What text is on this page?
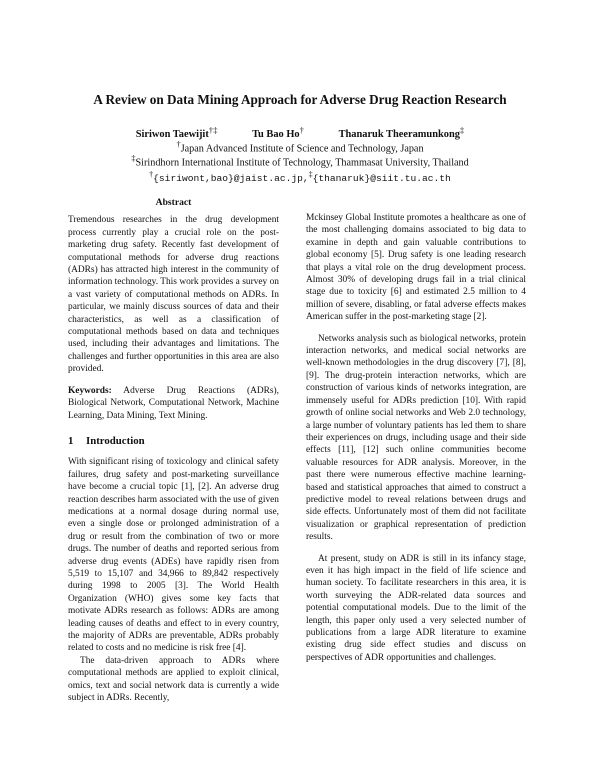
A Review on Data Mining Approach for Adverse Drug Reaction Research
Siriwon Taewijit†‡	Tu Bao Ho†	Thanaruk Theeramunkong‡
†Japan Advanced Institute of Science and Technology, Japan
‡Sirindhorn International Institute of Technology, Thammasat University, Thailand
†{siriwont,bao}@jaist.ac.jp,‡{thanaruk}@siit.tu.ac.th
Abstract

Tremendous researches in the drug development process currently play a crucial role on the post-marketing drug safety. Recently fast development of computational methods for adverse drug reactions (ADRs) has attracted high interest in the community of information technology. This work provides a survey on a vast variety of computational methods on ADRs. In particular, we mainly discuss sources of data and their characteristics, as well as a classification of computational methods based on data and techniques used, including their advantages and limitations. The challenges and further opportunities in this area are also provided.

Keywords: Adverse Drug Reactions (ADRs), Biological Network, Computational Network, Machine Learning, Data Mining, Text Mining.

1 Introduction

With significant rising of toxicology and clinical safety failures, drug safety and post-marketing surveillance have become a crucial topic [1], [2]. An adverse drug reaction describes harm associated with the use of given medications at a normal dosage during normal use, even a single dose or prolonged administration of a drug or result from the combination of two or more drugs. The number of deaths and reported serious from adverse drug events (ADEs) have rapidly risen from 5,519 to 15,107 and 34,966 to 89,842 respectively during 1998 to 2005 [3]. The World Health Organization (WHO) gives some key facts that motivate ADRs research as follows: ADRs are among leading causes of deaths and effect to in every country, the majority of ADRs are preventable, ADRs probably related to costs and no medicine is risk free [4].

The data-driven approach to ADRs where computational methods are applied to exploit clinical, omics, text and social network data is currently a wide subject in ADRs. Recently,

Mckinsey Global Institute promotes a healthcare as one of the most challenging domains associated to big data to examine in depth and gain valuable contributions to global economy [5]. Drug safety is one leading research that plays a vital role on the drug development process. Almost 30% of developing drugs fail in a trial clinical stage due to toxicity [6] and estimated 2.5 million to 4 million of severe, disabling, or fatal adverse effects makes American suffer in the post-marketing stage [2].

Networks analysis such as biological networks, protein interaction networks, and medical social networks are well-known methodologies in the drug discovery [7], [8], [9]. The drug-protein interaction networks, which are construction of various kinds of networks integration, are immensely useful for ADRs prediction [10]. With rapid growth of online social networks and Web 2.0 technology, a large number of voluntary patients has led them to share their experiences on drugs, including usage and their side effects [11], [12] such online communities become valuable resources for ADR analysis. Moreover, in the past there were numerous effective machine learning-based and statistical approaches that aimed to construct a predictive model to reveal relations between drugs and side effects. Unfortunately most of them did not facilitate visualization or graphical representation of prediction results.

At present, study on ADR is still in its infancy stage, even it has high impact in the field of life science and human society. To facilitate researchers in this area, it is worth surveying the ADR-related data sources and potential computational models. Due to the limit of the length, this paper only used a very selected number of publications from a large ADR literature to examine existing drug side effect studies and discuss on perspectives of ADR opportunities and challenges.
